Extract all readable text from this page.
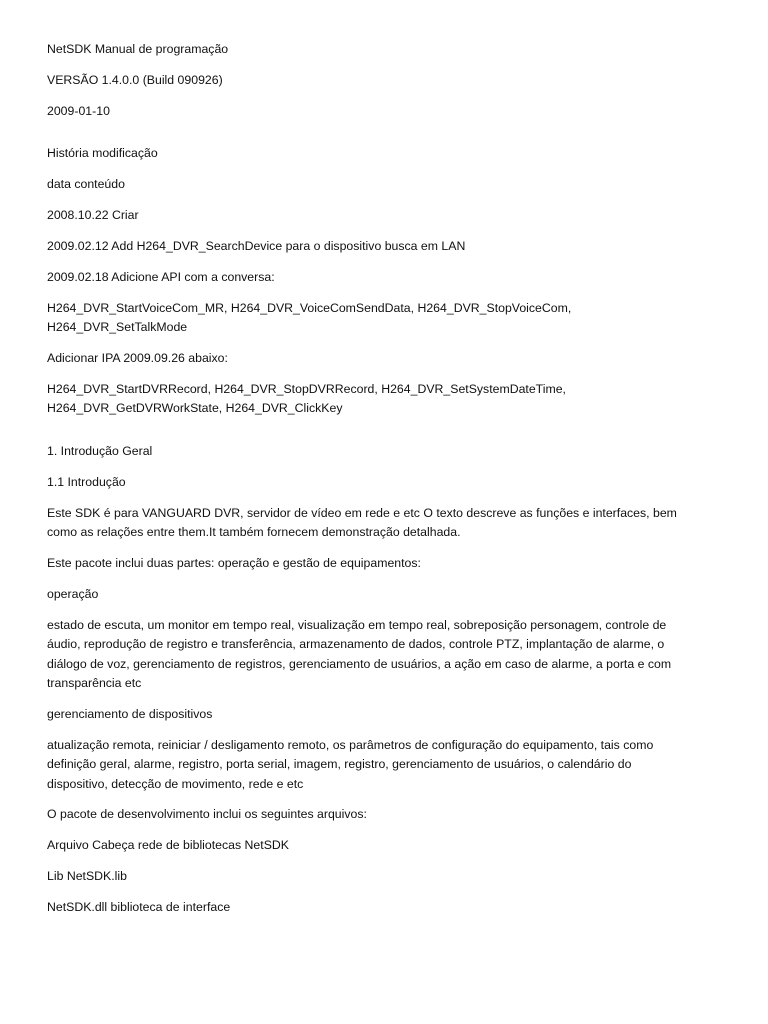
NetSDK Manual de programação

VERSÃO 1.4.0.0 (Build 090926)

2009-01-10

História modificação

data conteúdo

2008.10.22 Criar

2009.02.12 Add H264_DVR_SearchDevice para o dispositivo busca em LAN

2009.02.18 Adicione API com a conversa:

H264_DVR_StartVoiceCom_MR, H264_DVR_VoiceComSendData, H264_DVR_StopVoiceCom,
H264_DVR_SetTalkMode

Adicionar IPA 2009.09.26 abaixo:

H264_DVR_StartDVRRecord, H264_DVR_StopDVRRecord, H264_DVR_SetSystemDateTime,
H264_DVR_GetDVRWorkState, H264_DVR_ClickKey

1. Introdução Geral

1.1 Introdução

Este SDK é para VANGUARD DVR, servidor de vídeo em rede e etc O texto descreve as funções e interfaces, bem
como as relações entre them.It também fornecem demonstração detalhada.

Este pacote inclui duas partes: operação e gestão de equipamentos:

operação

estado de escuta, um monitor em tempo real, visualização em tempo real, sobreposição personagem, controle de
áudio, reprodução de registro e transferência, armazenamento de dados, controle PTZ, implantação de alarme, o
diálogo de voz, gerenciamento de registros, gerenciamento de usuários, a ação em caso de alarme, a porta e com
transparência etc

gerenciamento de dispositivos

atualização remota, reiniciar / desligamento remoto, os parâmetros de configuração do equipamento, tais como
definição geral, alarme, registro, porta serial, imagem, registro, gerenciamento de usuários, o calendário do
dispositivo, detecção de movimento, rede e etc

O pacote de desenvolvimento inclui os seguintes arquivos:

Arquivo Cabeça rede de bibliotecas NetSDK

Lib NetSDK.lib

NetSDK.dll biblioteca de interface
